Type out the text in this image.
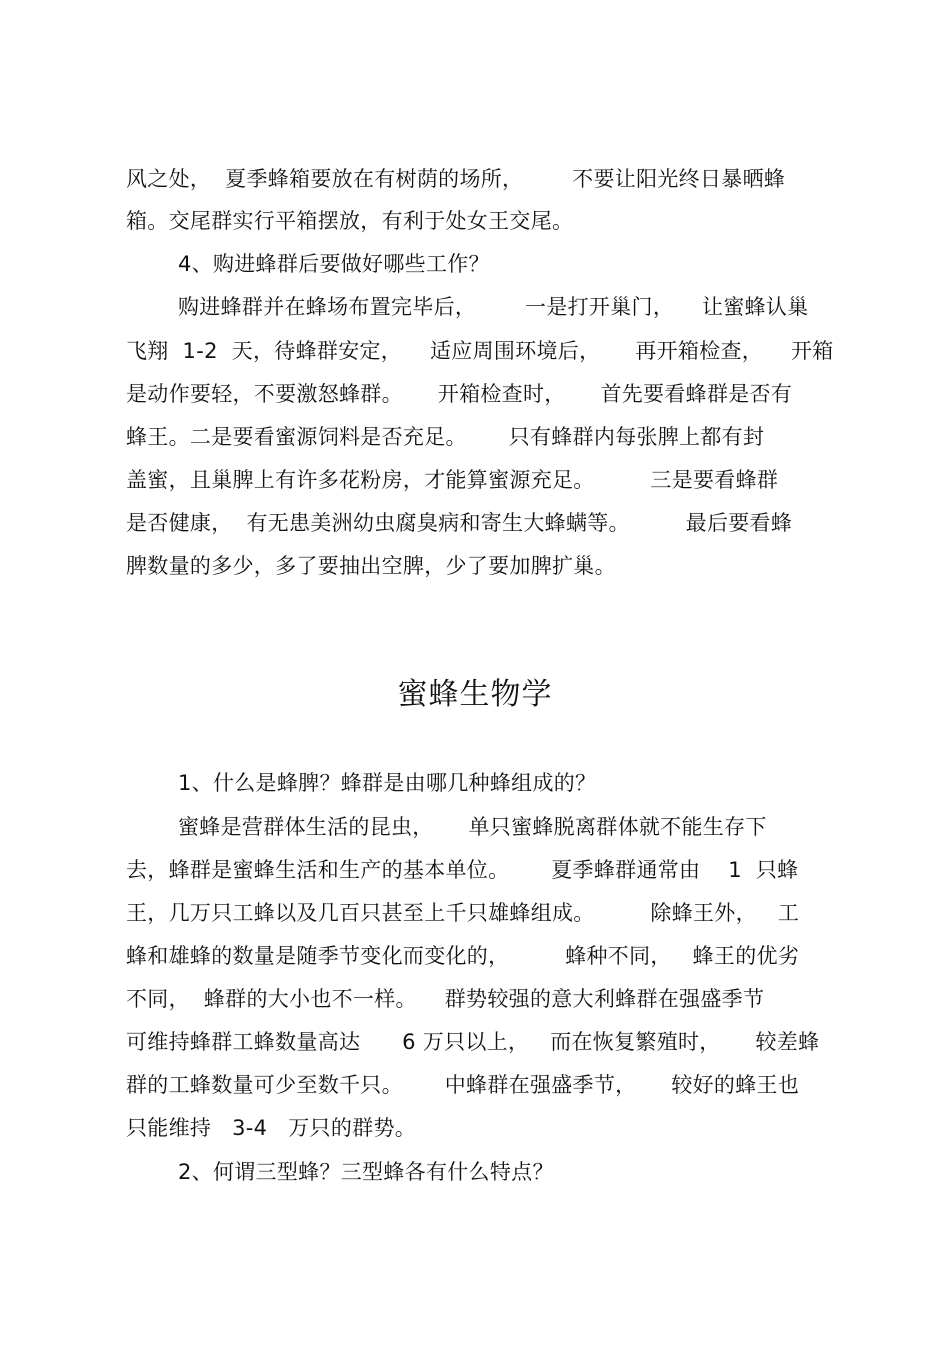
风之处，  夏季蜂箱要放在有树荫的场所，       不要让阳光终日暴晒蜂
箱。交尾群实行平箱摆放，有利于处女王交尾。
4、购进蜂群后要做好哪些工作？
购进蜂群并在蜂场布置完毕后，       一是打开巢门，    让蜜蜂认巢
飞翔  1-2  天，待蜂群安定，    适应周围环境后，     再开箱检查，    开箱
是动作要轻，不要激怒蜂群。     开箱检查时，     首先要看蜂群是否有
蜂王。二是要看蜜源饲料是否充足。      只有蜂群内每张脾上都有封
盖蜜，且巢脾上有许多花粉房，才能算蜜源充足。        三是要看蜂群
是否健康，  有无患美洲幼虫腐臭病和寄生大蜂螨等。        最后要看蜂
脾数量的多少，多了要抽出空脾，少了要加脾扩巢。
蜜蜂生物学
1、什么是蜂脾？蜂群是由哪几种蜂组成的？
蜜蜂是营群体生活的昆虫，     单只蜜蜂脱离群体就不能生存下
去，蜂群是蜜蜂生活和生产的基本单位。      夏季蜂群通常由    1  只蜂
王，几万只工蜂以及几百只甚至上千只雄蜂组成。        除蜂王外，   工
蜂和雄蜂的数量是随季节变化而变化的，        蜂种不同，   蜂王的优劣
不同，  蜂群的大小也不一样。    群势较强的意大利蜂群在强盛季节
可维持蜂群工蜂数量高达      6 万只以上，   而在恢复繁殖时，     较差蜂
群的工蜂数量可少至数千只。      中蜂群在强盛季节，     较好的蜂王也
只能维持   3-4   万只的群势。
2、何谓三型蜂？三型蜂各有什么特点？
